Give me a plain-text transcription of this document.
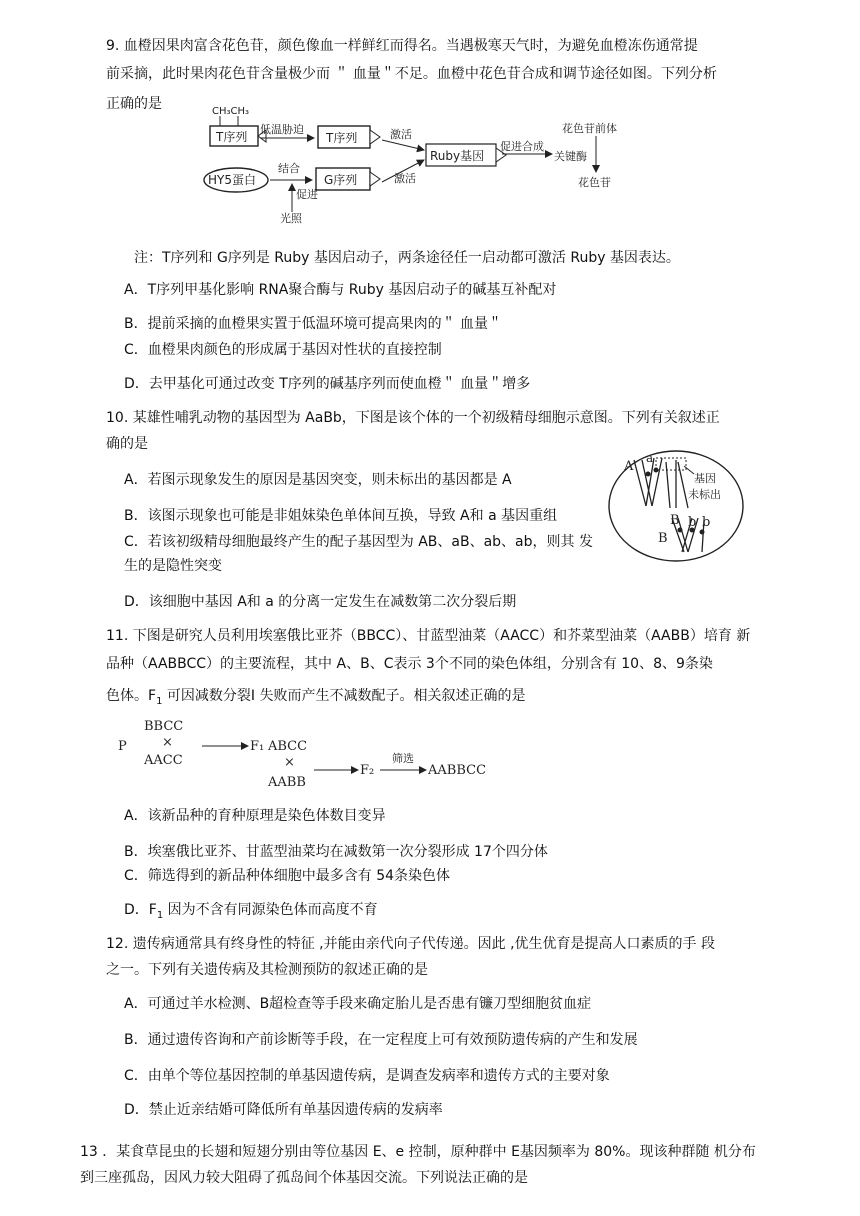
9. 血橙因果肉富含花色苷，颜色像血一样鲜红而得名。当遇极寒天气时，为避免血橙冻伤通常提
前采摘，此时果肉花色苷含量极少而 ＂ 血量＂不足。血橙中花色苷合成和调节途径如图。下列分析
正确的是	CH₃CH₃
T序列
低温胁迫
T序列	激活
激活
Ruby基因
促进合成
花色苷前体
关键酶
花色苷
HY5蛋白
结合
G序列
促进
光照
注：T序列和 G序列是 Ruby 基因启动子，两条途径任一启动都可激活 Ruby 基因表达。
A．T序列甲基化影响 RNA聚合酶与 Ruby 基因启动子的碱基互补配对
B．提前采摘的血橙果实置于低温环境可提高果肉的＂ 血量＂
C．血橙果肉颜色的形成属于基因对性状的直接控制
D．去甲基化可通过改变 T序列的碱基序列而使血橙＂ 血量＂增多
10. 某雄性哺乳动物的基因型为 AaBb，下图是该个体的一个初级精母细胞示意图。下列有关叙述正
确的是
A．若图示现象发生的原因是基因突变，则未标出的基因都是 A
B．该图示现象也可能是非姐妹染色单体间互换，导致 A和 a 基因重组
C．若该初级精母细胞最终产生的配子基因型为 AB、aB、ab、ab，则其 发
生的是隐性突变
D．该细胞中基因 A和 a 的分离一定发生在减数第二次分裂后期
A
a
基因
未标出
B b b
B
11. 下图是研究人员利用埃塞俄比亚芥（BBCC）、甘蓝型油菜（AACC）和芥菜型油菜（AABB）培育 新
品种（AABBCC）的主要流程，其中 A、B、C表示 3个不同的染色体组，分别含有 10、8、9条染
色体。$F_1$ 可因减数分裂Ⅰ 失败而产生不减数配子。相关叙述正确的是
P
BBCC
×
AACC
F₁ ABCC
×
AABB
F₂
筛选
AABBCC
A．该新品种的育种原理是染色体数目变异
B．埃塞俄比亚芥、甘蓝型油菜均在减数第一次分裂形成 17个四分体
C．筛选得到的新品种体细胞中最多含有 54条染色体
D．$F_1$ 因为不含有同源染色体而高度不育
12. 遗传病通常具有终身性的特征 ,并能由亲代向子代传递。因此 ,优生优育是提高人口素质的手 段
之一。下列有关遗传病及其检测预防的叙述正确的是
A．可通过羊水检测、B超检查等手段来确定胎儿是否患有镰刀型细胞贫血症
B．通过遗传咨询和产前诊断等手段，在一定程度上可有效预防遗传病的产生和发展
C．由单个等位基因控制的单基因遗传病，是调查发病率和遗传方式的主要对象
D．禁止近亲结婚可降低所有单基因遗传病的发病率
13 ．某食草昆虫的长翅和短翅分别由等位基因 E、e 控制，原种群中 E基因频率为 80%。现该种群随 机分布
到三座孤岛，因风力较大阻碍了孤岛间个体基因交流。下列说法正确的是
